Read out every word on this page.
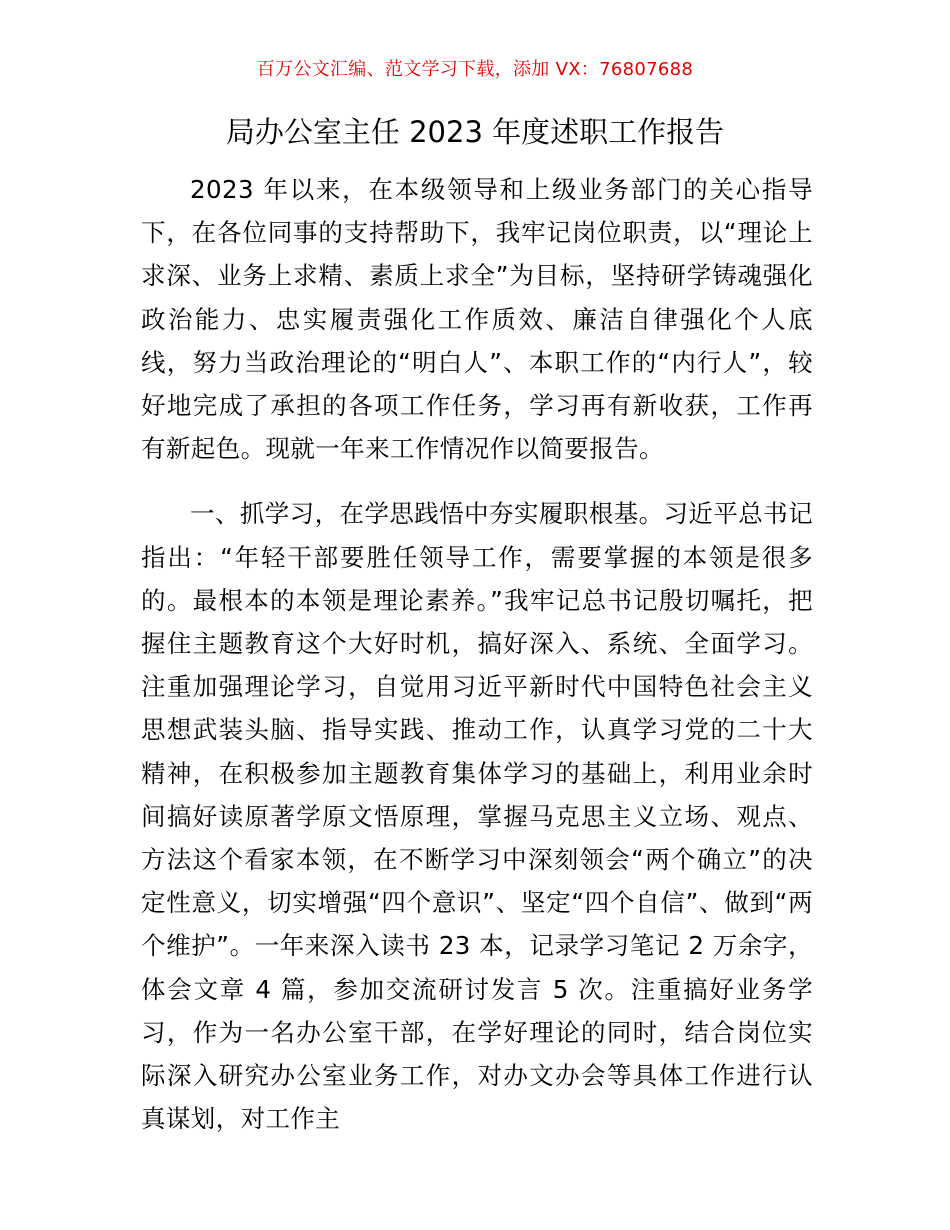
百万公文汇编、范文学习下载，添加 VX：76807688
局办公室主任 2023 年度述职工作报告

2023 年以来，在本级领导和上级业务部门的关心指导下，在各位同事的支持帮助下，我牢记岗位职责，以“理论上求深、业务上求精、素质上求全”为目标，坚持研学铸魂强化政治能力、忠实履责强化工作质效、廉洁自律强化个人底线，努力当政治理论的“明白人”、本职工作的“内行人”，较好地完成了承担的各项工作任务，学习再有新收获，工作再有新起色。现就一年来工作情况作以简要报告。

一、抓学习，在学思践悟中夯实履职根基。习近平总书记指出：“年轻干部要胜任领导工作，需要掌握的本领是很多的。最根本的本领是理论素养。”我牢记总书记殷切嘱托，把握住主题教育这个大好时机，搞好深入、系统、全面学习。注重加强理论学习，自觉用习近平新时代中国特色社会主义思想武装头脑、指导实践、推动工作，认真学习党的二十大精神，在积极参加主题教育集体学习的基础上，利用业余时间搞好读原著学原文悟原理，掌握马克思主义立场、观点、方法这个看家本领，在不断学习中深刻领会“两个确立”的决定性意义，切实增强“四个意识”、坚定“四个自信”、做到“两个维护”。一年来深入读书 23 本，记录学习笔记 2 万余字，体会文章 4 篇，参加交流研讨发言 5 次。注重搞好业务学习，作为一名办公室干部，在学好理论的同时，结合岗位实际深入研究办公室业务工作，对办文办会等具体工作进行认真谋划，对工作主
